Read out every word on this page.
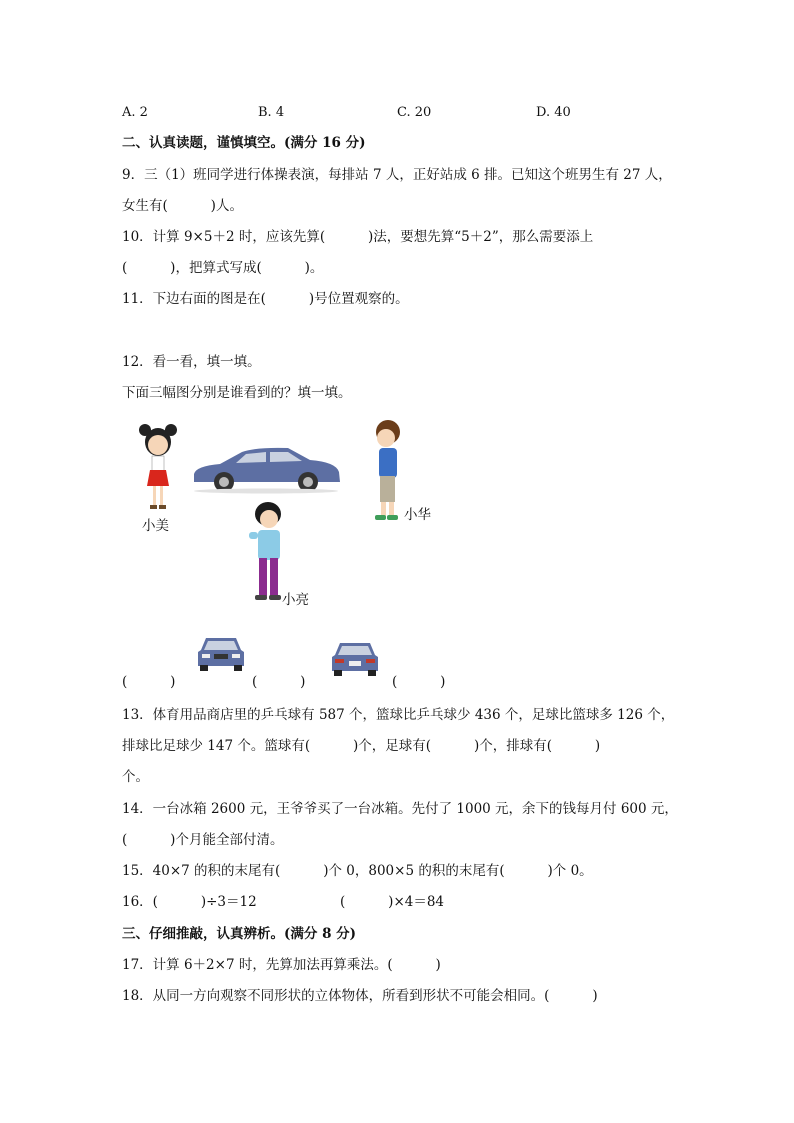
A. 2	B. 4	C. 20	D. 40
二、认真读题，谨慎填空。(满分 16 分)
9．三（1）班同学进行体操表演，每排站 7 人，正好站成 6 排。已知这个班男生有 27 人，
女生有(          )人。
10．计算 9×5＋2 时，应该先算(          )法，要想先算“5＋2”，那么需要添上
(          )，把算式写成(          )。
11．下边右面的图是在(          )号位置观察的。
12．看一看，填一填。
下面三幅图分别是谁看到的？填一填。
小美
小华
小亮
(          )	(          )	(          )
13．体育用品商店里的乒乓球有 587 个，篮球比乒乓球少 436 个，足球比篮球多 126 个，
排球比足球少 147 个。篮球有(          )个，足球有(          )个，排球有(          )
个。
14．一台冰箱 2600 元，王爷爷买了一台冰箱。先付了 1000 元，余下的钱每月付 600 元，
(          )个月能全部付清。
15．40×7 的积的末尾有(          )个 0，800×5 的积的末尾有(          )个 0。
16．(          )÷3＝12	(          )×4＝84
三、仔细推敲，认真辨析。(满分 8 分)
17．计算 6＋2×7 时，先算加法再算乘法。(          )
18．从同一方向观察不同形状的立体物体，所看到形状不可能会相同。(          )
